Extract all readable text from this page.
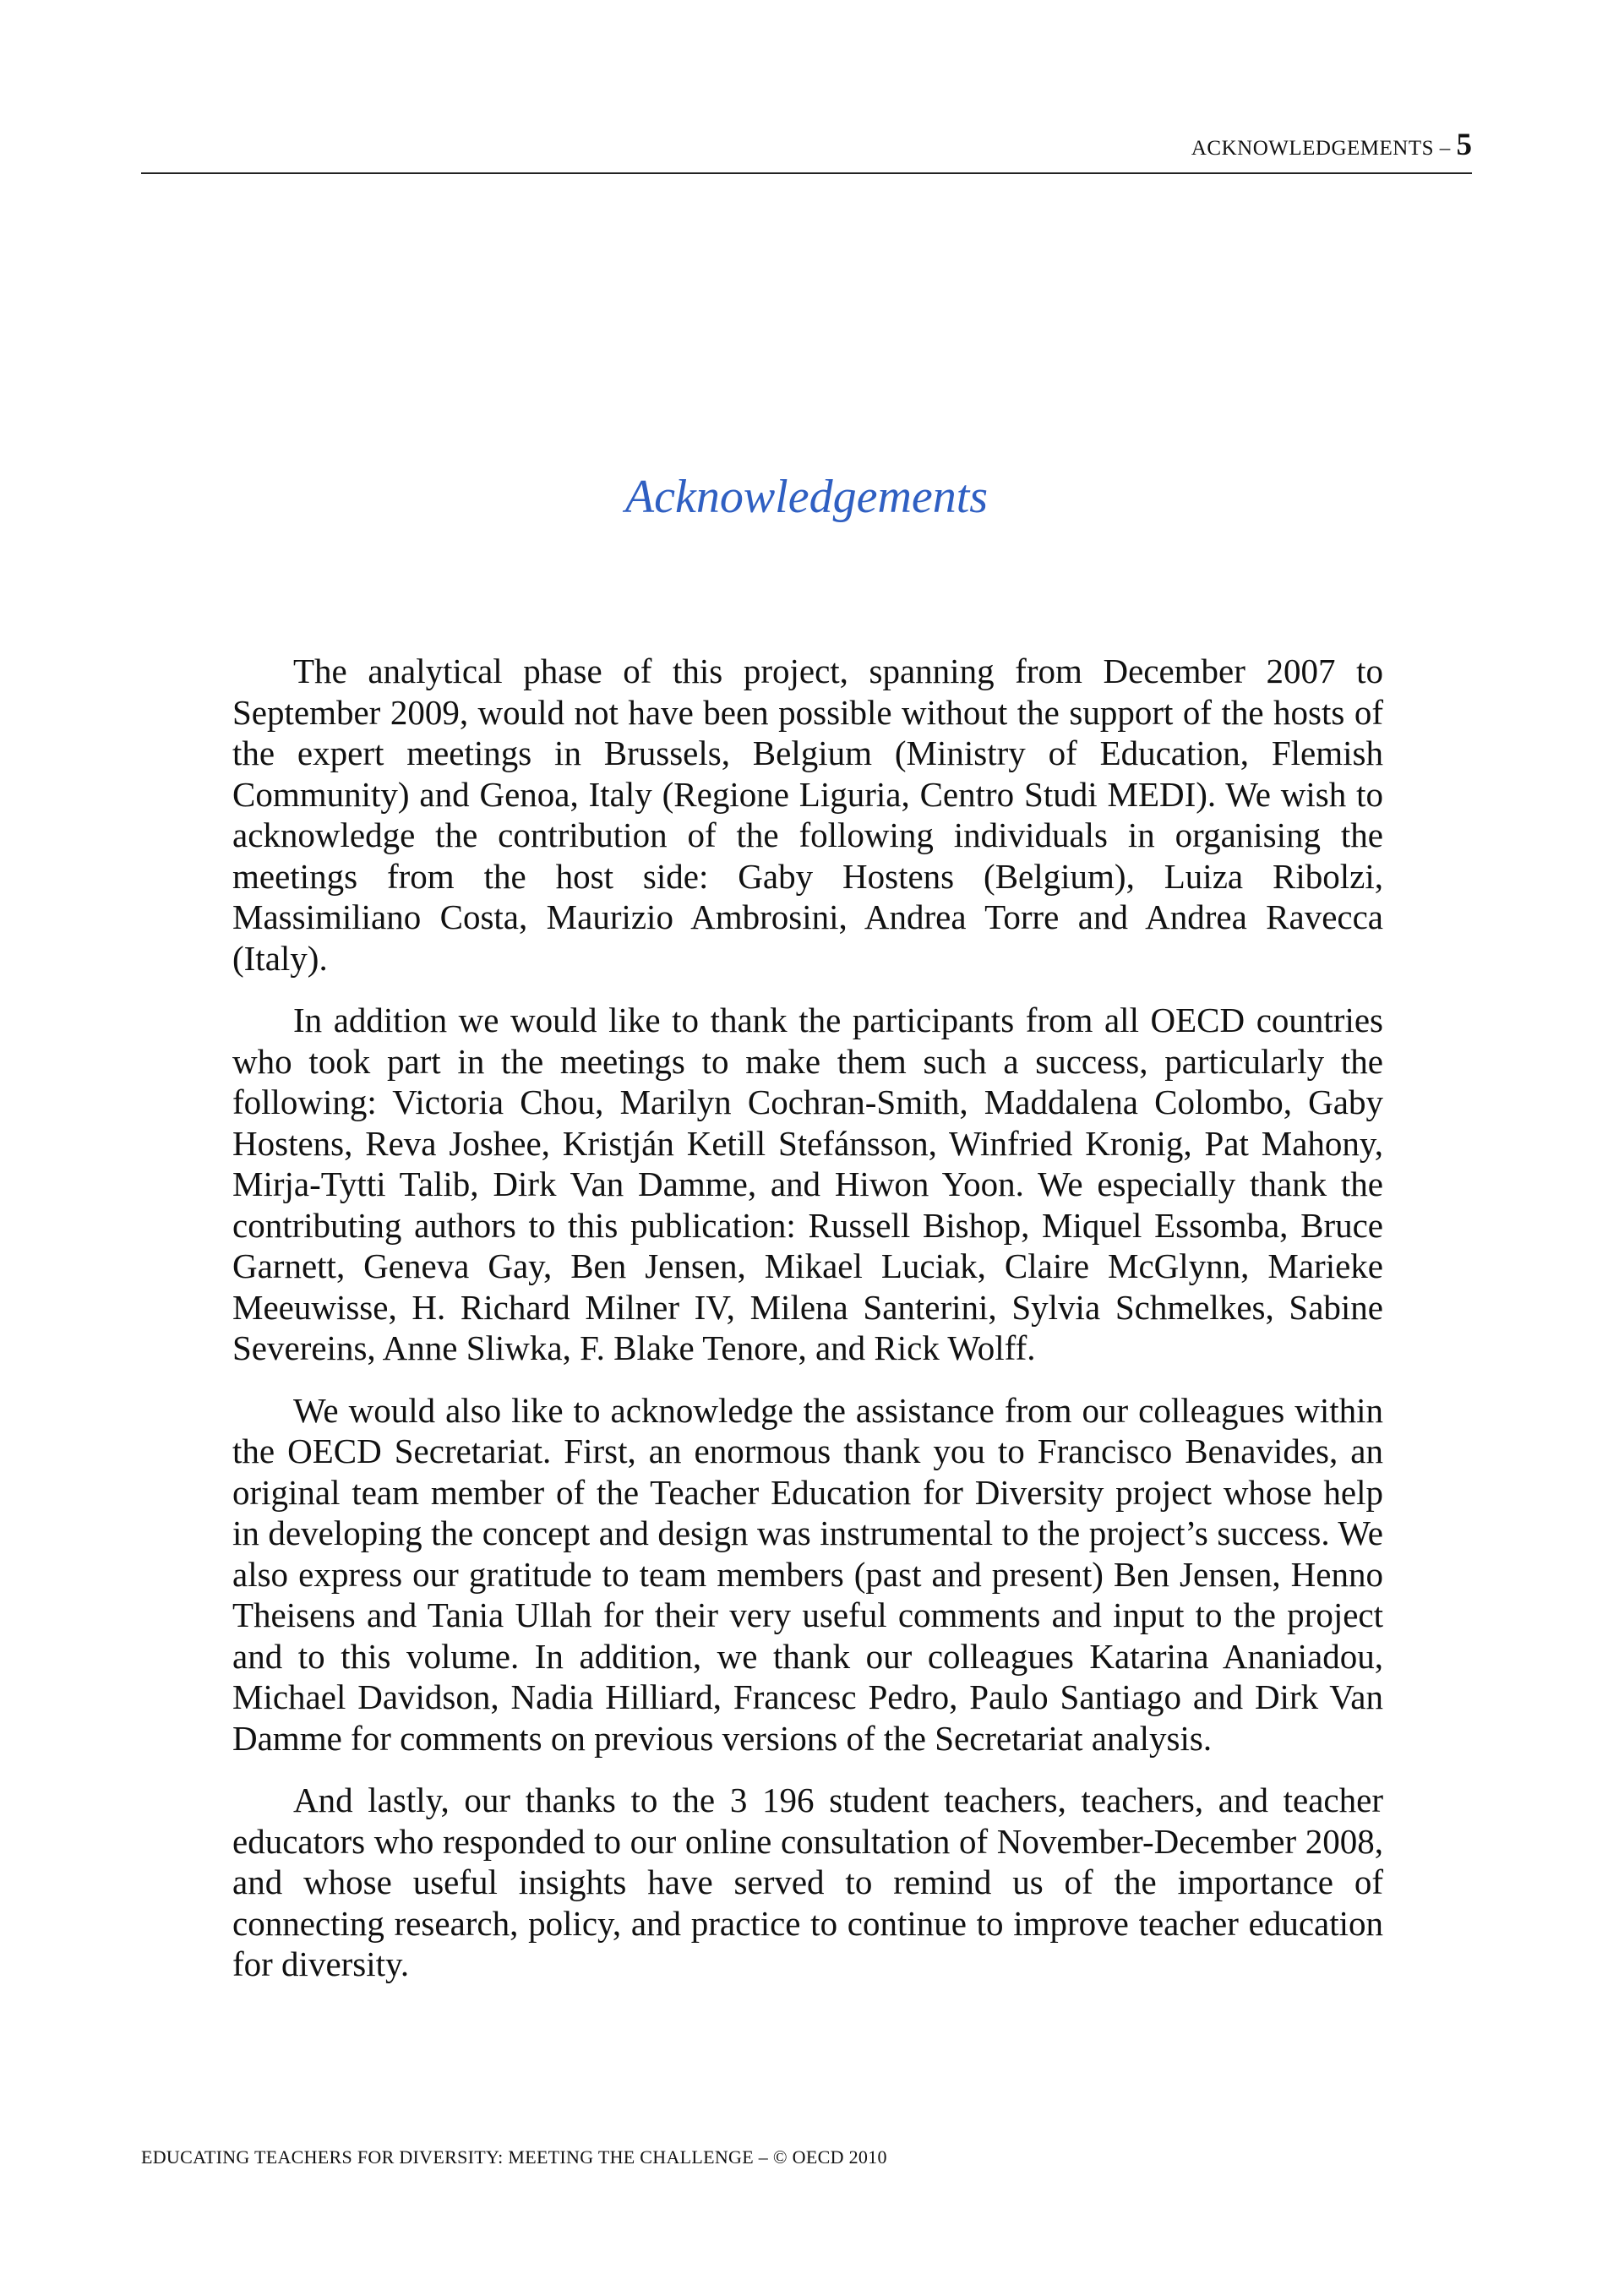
ACKNOWLEDGEMENTS – 5
Acknowledgements

The analytical phase of this project, spanning from December 2007 to September 2009, would not have been possible without the support of the hosts of the expert meetings in Brussels, Belgium (Ministry of Education, Flemish Community) and Genoa, Italy (Regione Liguria, Centro Studi MEDI). We wish to acknowledge the contribution of the following individuals in organising the meetings from the host side: Gaby Hostens (Belgium), Luiza Ribolzi, Massimiliano Costa, Maurizio Ambrosini, Andrea Torre and Andrea Ravecca (Italy).

In addition we would like to thank the participants from all OECD countries who took part in the meetings to make them such a success, particularly the following: Victoria Chou, Marilyn Cochran-Smith, Maddalena Colombo, Gaby Hostens, Reva Joshee, Kristján Ketill Stefánsson, Winfried Kronig, Pat Mahony, Mirja-Tytti Talib, Dirk Van Damme, and Hiwon Yoon. We especially thank the contributing authors to this publication: Russell Bishop, Miquel Essomba, Bruce Garnett, Geneva Gay, Ben Jensen, Mikael Luciak, Claire McGlynn, Marieke Meeuwisse, H. Richard Milner IV, Milena Santerini, Sylvia Schmelkes, Sabine Severeins, Anne Sliwka, F. Blake Tenore, and Rick Wolff.

We would also like to acknowledge the assistance from our colleagues within the OECD Secretariat. First, an enormous thank you to Francisco Benavides, an original team member of the Teacher Education for Diversity project whose help in developing the concept and design was instrumental to the project’s success. We also express our gratitude to team members (past and present) Ben Jensen, Henno Theisens and Tania Ullah for their very useful comments and input to the project and to this volume. In addition, we thank our colleagues Katarina Ananiadou, Michael Davidson, Nadia Hilliard, Francesc Pedro, Paulo Santiago and Dirk Van Damme for comments on previous versions of the Secretariat analysis.

And lastly, our thanks to the 3 196 student teachers, teachers, and teacher educators who responded to our online consultation of November-December 2008, and whose useful insights have served to remind us of the importance of connecting research, policy, and practice to continue to improve teacher education for diversity.

EDUCATING TEACHERS FOR DIVERSITY: MEETING THE CHALLENGE – © OECD 2010
